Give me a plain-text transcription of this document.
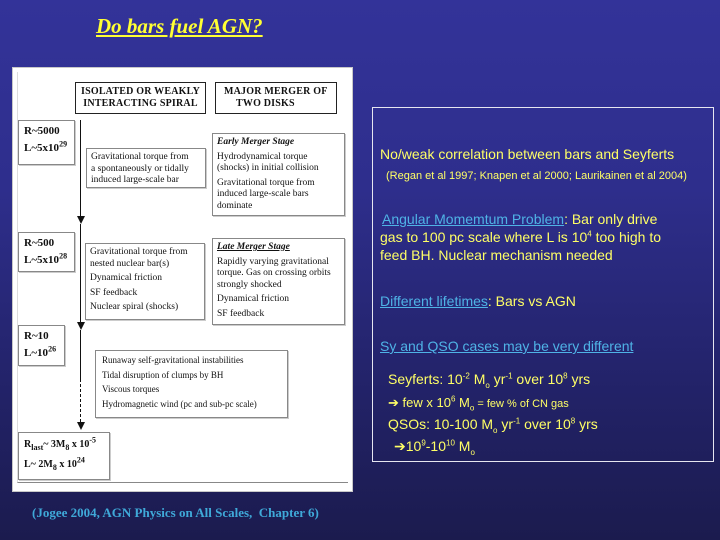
Do bars fuel AGN?
ISOLATED OR WEAKLY
INTERACTING SPIRAL
MAJOR MERGER OF
TWO DISKS
R~5000
$L\sim 5x10^{29}$
R~500
$L\sim 5x10^{28}$
R~10
$L\sim 10^{26}$
$R_{last}\sim$ $3M_8$ x $10^{-5}$
L~ $2M_8$ x $10^{24}$
Gravitational torque from
a spontaneously or tidally
induced large-scale bar

Gravitational torque from nested nuclear bar(s)

Dynamical friction

SF feedback

Nuclear spiral (shocks)

Early Merger Stage

Hydrodynamical torque (shocks) in initial collision

Gravitational torque from induced large-scale bars dominate

Late Merger Stage

Rapidly varying gravitational torque. Gas on crossing orbits strongly shocked

Dynamical friction

SF feedback

Runaway self-gravitational instabilities

Tidal disruption of clumps by BH

Viscous torques

Hydromagnetic wind (pc and sub-pc scale)

(Jogee 2004, AGN Physics on All Scales,  Chapter 6)
No/weak correlation between bars and Seyferts
(Regan et al 1997; Knapen et al 2000; Laurikainen et al 2004)
Angular Momemtum Problem: Bar only drive
gas to 100 pc scale where L is $10^4$ too high to
feed BH. Nuclear mechanism needed
Different lifetimes: Bars vs AGN
Sy and QSO cases may be very different
Seyferts: $10^{-2}$ $M_o$ $yr^{-1}$ over $10^8$ yrs
➔ few x $10^6$ $M_o$ = few % of CN gas
QSOs: 10-100 $M_o$ $yr^{-1}$ over $10^8$ yrs
$➔10^9-10^{10}$ $M_o$
